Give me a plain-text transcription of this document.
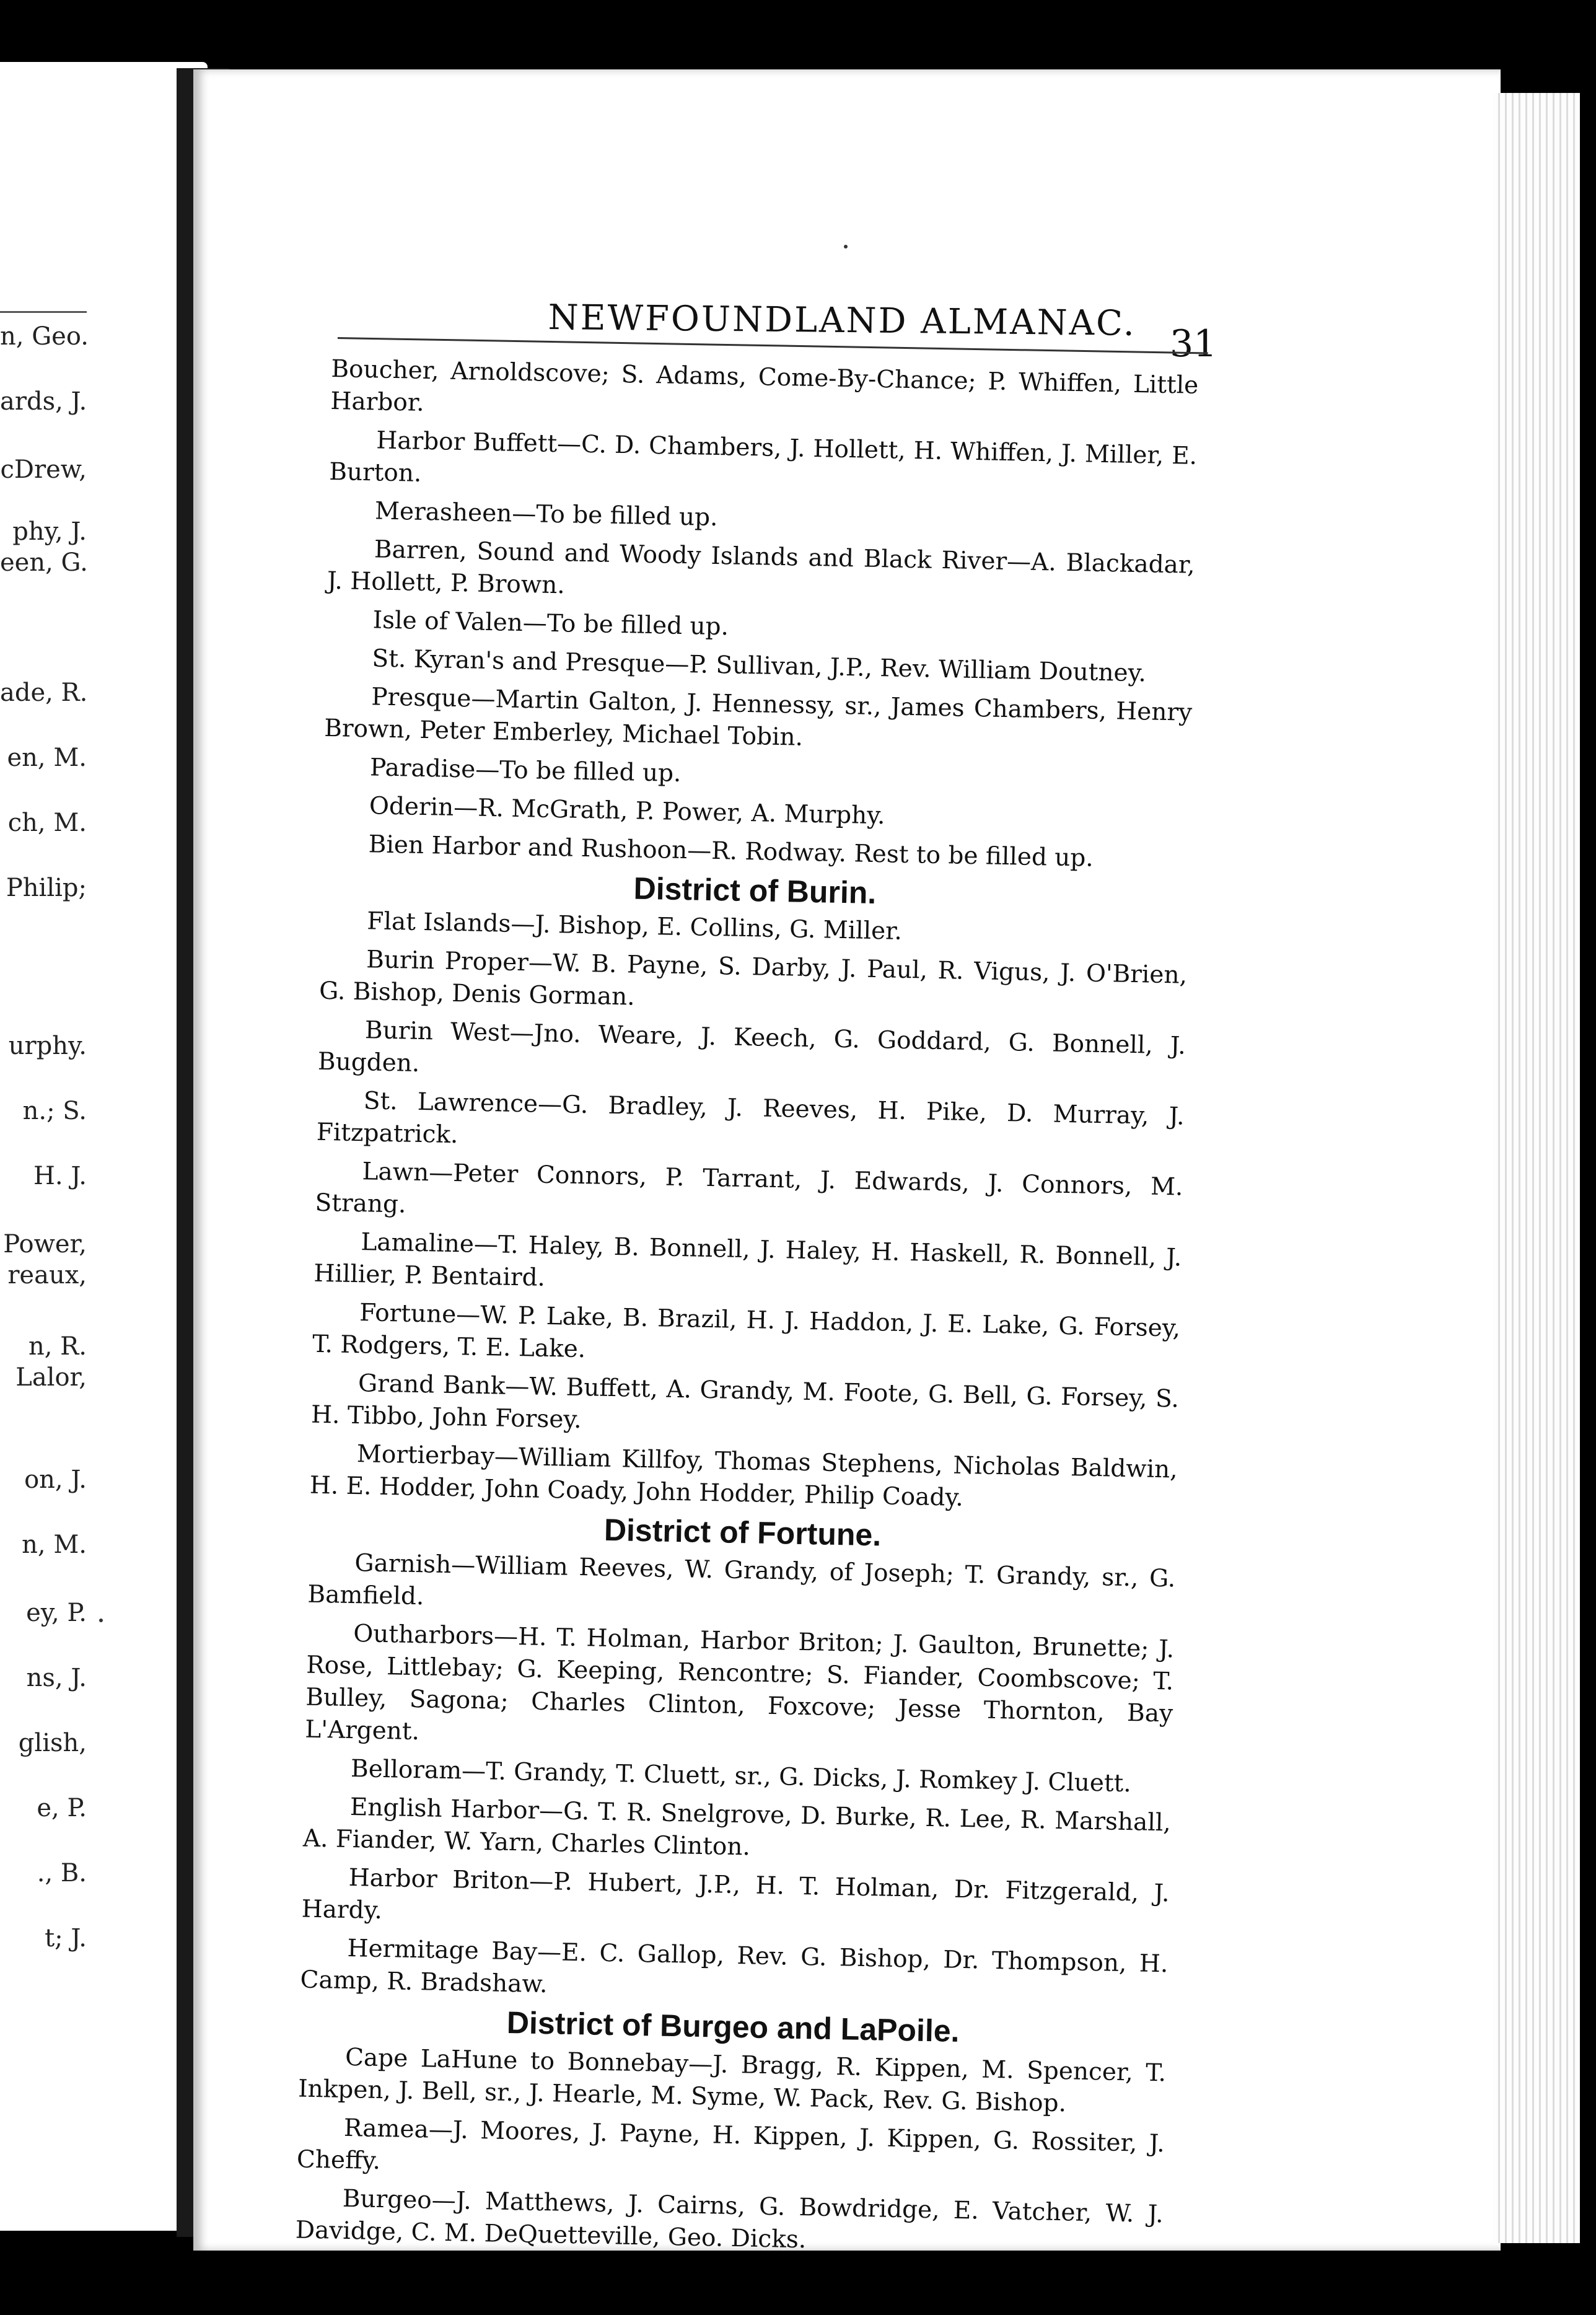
n, Geo.
ards, J.
cDrew,
phy, J.
een, G.
ade, R.
en, M.
ch, M.
Philip;
urphy.
n.; S.
H. J.
Power,
reaux,
n, R.
Lalor,
on, J.
n, M.
ey, P.
ns, J.
glish,
e, P.
., B.
t; J.
NEWFOUNDLAND ALMANAC.
31

Boucher, Arnoldscove; S. Adams, Come-By-Chance; P. Whiffen, Little Harbor.

Harbor Buffett—C. D. Chambers, J. Hollett, H. Whiffen, J. Miller, E. Burton.

Merasheen—To be filled up.

Barren, Sound and Woody Islands and Black River—A. Blackadar, J. Hollett, P. Brown.

Isle of Valen—To be filled up.

St. Kyran's and Presque—P. Sullivan, J.P., Rev. William Doutney.

Presque—Martin Galton, J. Hennessy, sr., James Chambers, Henry Brown, Peter Emberley, Michael Tobin.

Paradise—To be filled up.

Oderin—R. McGrath, P. Power, A. Murphy.

Bien Harbor and Rushoon—R. Rodway. Rest to be filled up.

District of Burin.

Flat Islands—J. Bishop, E. Collins, G. Miller.

Burin Proper—W. B. Payne, S. Darby, J. Paul, R. Vigus, J. O'Brien, G. Bishop, Denis Gorman.

Burin West—Jno. Weare, J. Keech, G. Goddard, G. Bonnell, J. Bugden.

St. Lawrence—G. Bradley, J. Reeves, H. Pike, D. Murray, J. Fitzpatrick.

Lawn—Peter Connors, P. Tarrant, J. Edwards, J. Connors, M. Strang.

Lamaline—T. Haley, B. Bonnell, J. Haley, H. Haskell, R. Bonnell, J. Hillier, P. Bentaird.

Fortune—W. P. Lake, B. Brazil, H. J. Haddon, J. E. Lake, G. Forsey, T. Rodgers, T. E. Lake.

Grand Bank—W. Buffett, A. Grandy, M. Foote, G. Bell, G. Forsey, S. H. Tibbo, John Forsey.

Mortierbay—William Killfoy, Thomas Stephens, Nicholas Baldwin, H. E. Hodder, John Coady, John Hodder, Philip Coady.

District of Fortune.

Garnish—William Reeves, W. Grandy, of Joseph; T. Grandy, sr., G. Bamfield.

Outharbors—H. T. Holman, Harbor Briton; J. Gaulton, Brunette; J. Rose, Littlebay; G. Keeping, Rencontre; S. Fiander, Coombscove; T. Bulley, Sagona; Charles Clinton, Foxcove; Jesse Thornton, Bay L'Argent.

Belloram—T. Grandy, T. Cluett, sr., G. Dicks, J. Romkey J. Cluett.

English Harbor—G. T. R. Snelgrove, D. Burke, R. Lee, R. Marshall, A. Fiander, W. Yarn, Charles Clinton.

Harbor Briton—P. Hubert, J.P., H. T. Holman, Dr. Fitzgerald, J. Hardy.

Hermitage Bay—E. C. Gallop, Rev. G. Bishop, Dr. Thompson, H. Camp, R. Bradshaw.

District of Burgeo and LaPoile.

Cape LaHune to Bonnebay—J. Bragg, R. Kippen, M. Spencer, T. Inkpen, J. Bell, sr., J. Hearle, M. Syme, W. Pack, Rev. G. Bishop.

Ramea—J. Moores, J. Payne, H. Kippen, J. Kippen, G. Rossiter, J. Cheffy.

Burgeo—J. Matthews, J. Cairns, G. Bowdridge, E. Vatcher, W. J. Davidge, C. M. DeQuetteville, Geo. Dicks.
